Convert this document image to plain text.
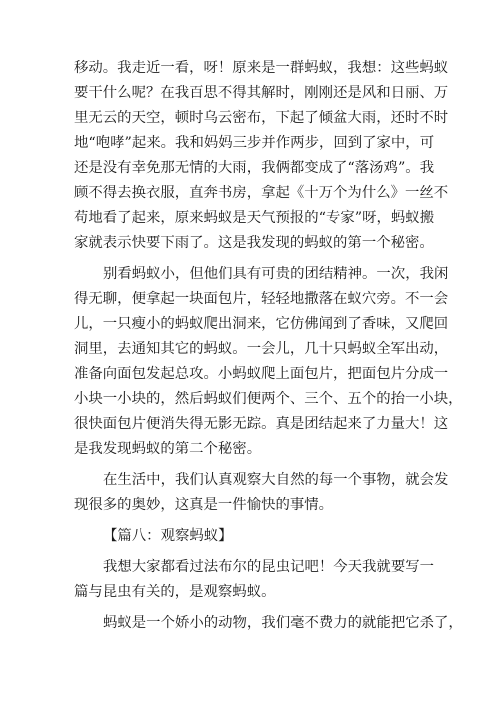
移动。我走近一看，呀！原来是一群蚂蚁，我想：这些蚂蚁
要干什么呢？在我百思不得其解时，刚刚还是风和日丽、万
里无云的天空，顿时乌云密布，下起了倾盆大雨，还时不时
地“咆哮”起来。我和妈妈三步并作两步，回到了家中，可
还是没有幸免那无情的大雨，我俩都变成了“落汤鸡”。我
顾不得去换衣服，直奔书房，拿起《十万个为什么》一丝不
苟地看了起来，原来蚂蚁是天气预报的“专家”呀，蚂蚁搬
家就表示快要下雨了。这是我发现的蚂蚁的第一个秘密。
别看蚂蚁小，但他们具有可贵的团结精神。一次，我闲
得无聊，便拿起一块面包片，轻轻地撒落在蚁穴旁。不一会
儿，一只瘦小的蚂蚁爬出洞来，它仿佛闻到了香味，又爬回
洞里，去通知其它的蚂蚁。一会儿，几十只蚂蚁全军出动，
准备向面包发起总攻。小蚂蚁爬上面包片，把面包片分成一
小块一小块的，然后蚂蚁们便两个、三个、五个的抬一小块，
很快面包片便消失得无影无踪。真是团结起来了力量大！这
是我发现蚂蚁的第二个秘密。
在生活中，我们认真观察大自然的每一个事物，就会发
现很多的奥妙，这真是一件愉快的事情。
【篇八：观察蚂蚁】
我想大家都看过法布尔的昆虫记吧！今天我就要写一
篇与昆虫有关的，是观察蚂蚁。
蚂蚁是一个娇小的动物，我们毫不费力的就能把它杀了，
